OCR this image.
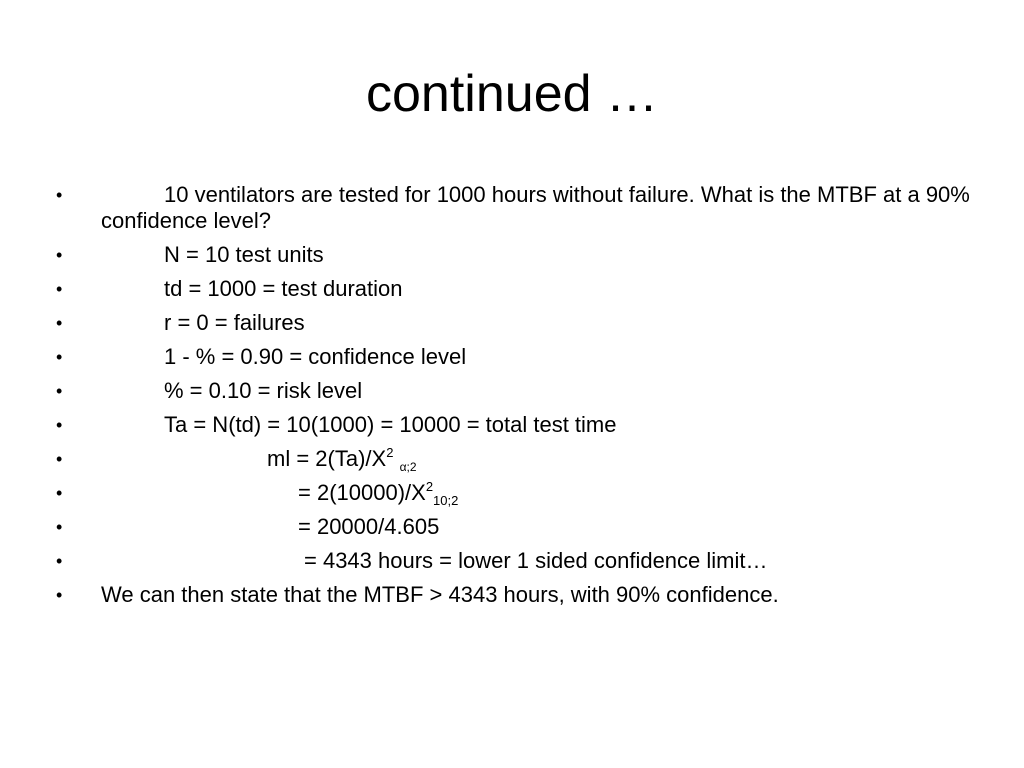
continued …
•	10 ventilators are tested for 1000 hours without failure. What is the MTBF at a 90% confidence level?
•	N = 10 test units
•	td = 1000 = test duration
•	r = 0 = failures
•	1 - % = 0.90 = confidence level
•	% = 0.10 = risk level
•	Ta = N(td) = 10(1000) = 10000 = total test time
•	ml = $2(Ta)/X^2$ $_{\alpha;2}$
•	= $2(10000)/X^2_{10;2}$
•	= 20000/4.605
•	= 4343 hours = lower 1 sided confidence limit…
•	We can then state that the MTBF > 4343 hours, with 90% confidence.
